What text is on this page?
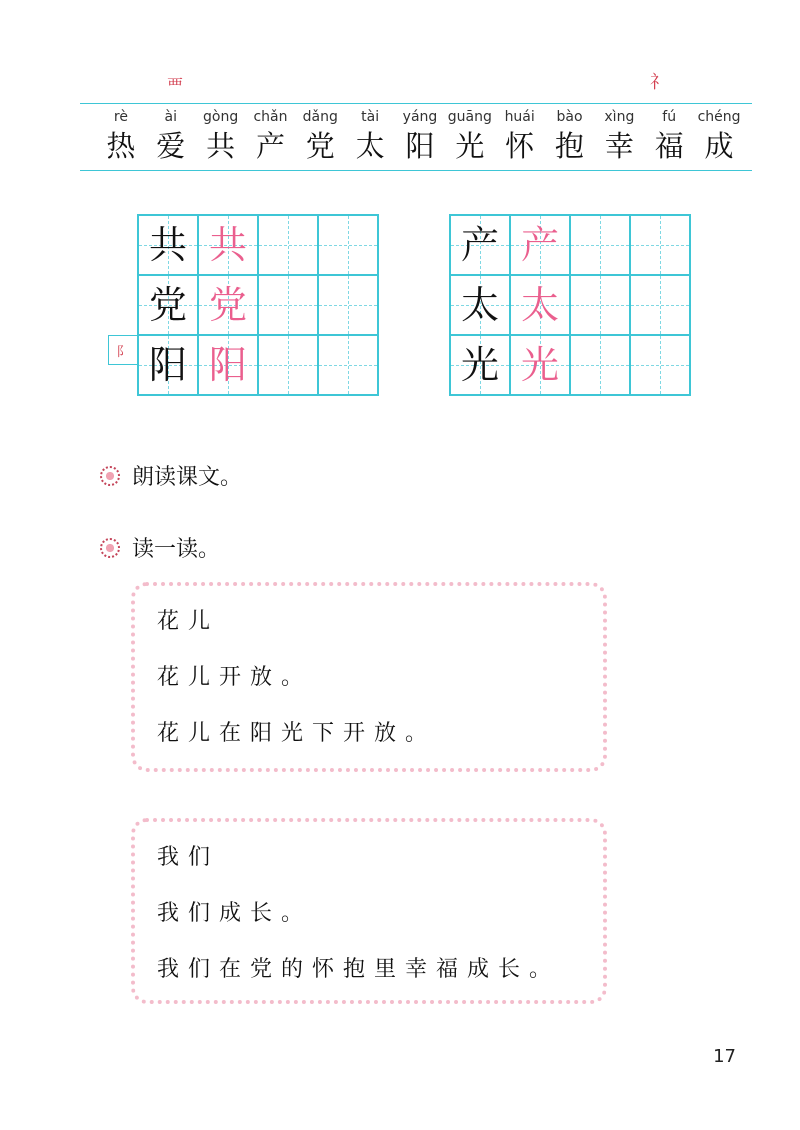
覀	礻
rè
热
ài
爱
gòng
共
chǎn
产
dǎng
党
tài
太
yáng
阳
guāng
光
huái
怀
bào
抱
xìng
幸
fú
福
chéng
成
阝
共 共
党 党
阳 阳
产 产
太 太
光 光
朗读课文。
读一读。
花儿
花儿开放。
花儿在阳光下开放。
我们
我们成长。
我们在党的怀抱里幸福成长。
17
